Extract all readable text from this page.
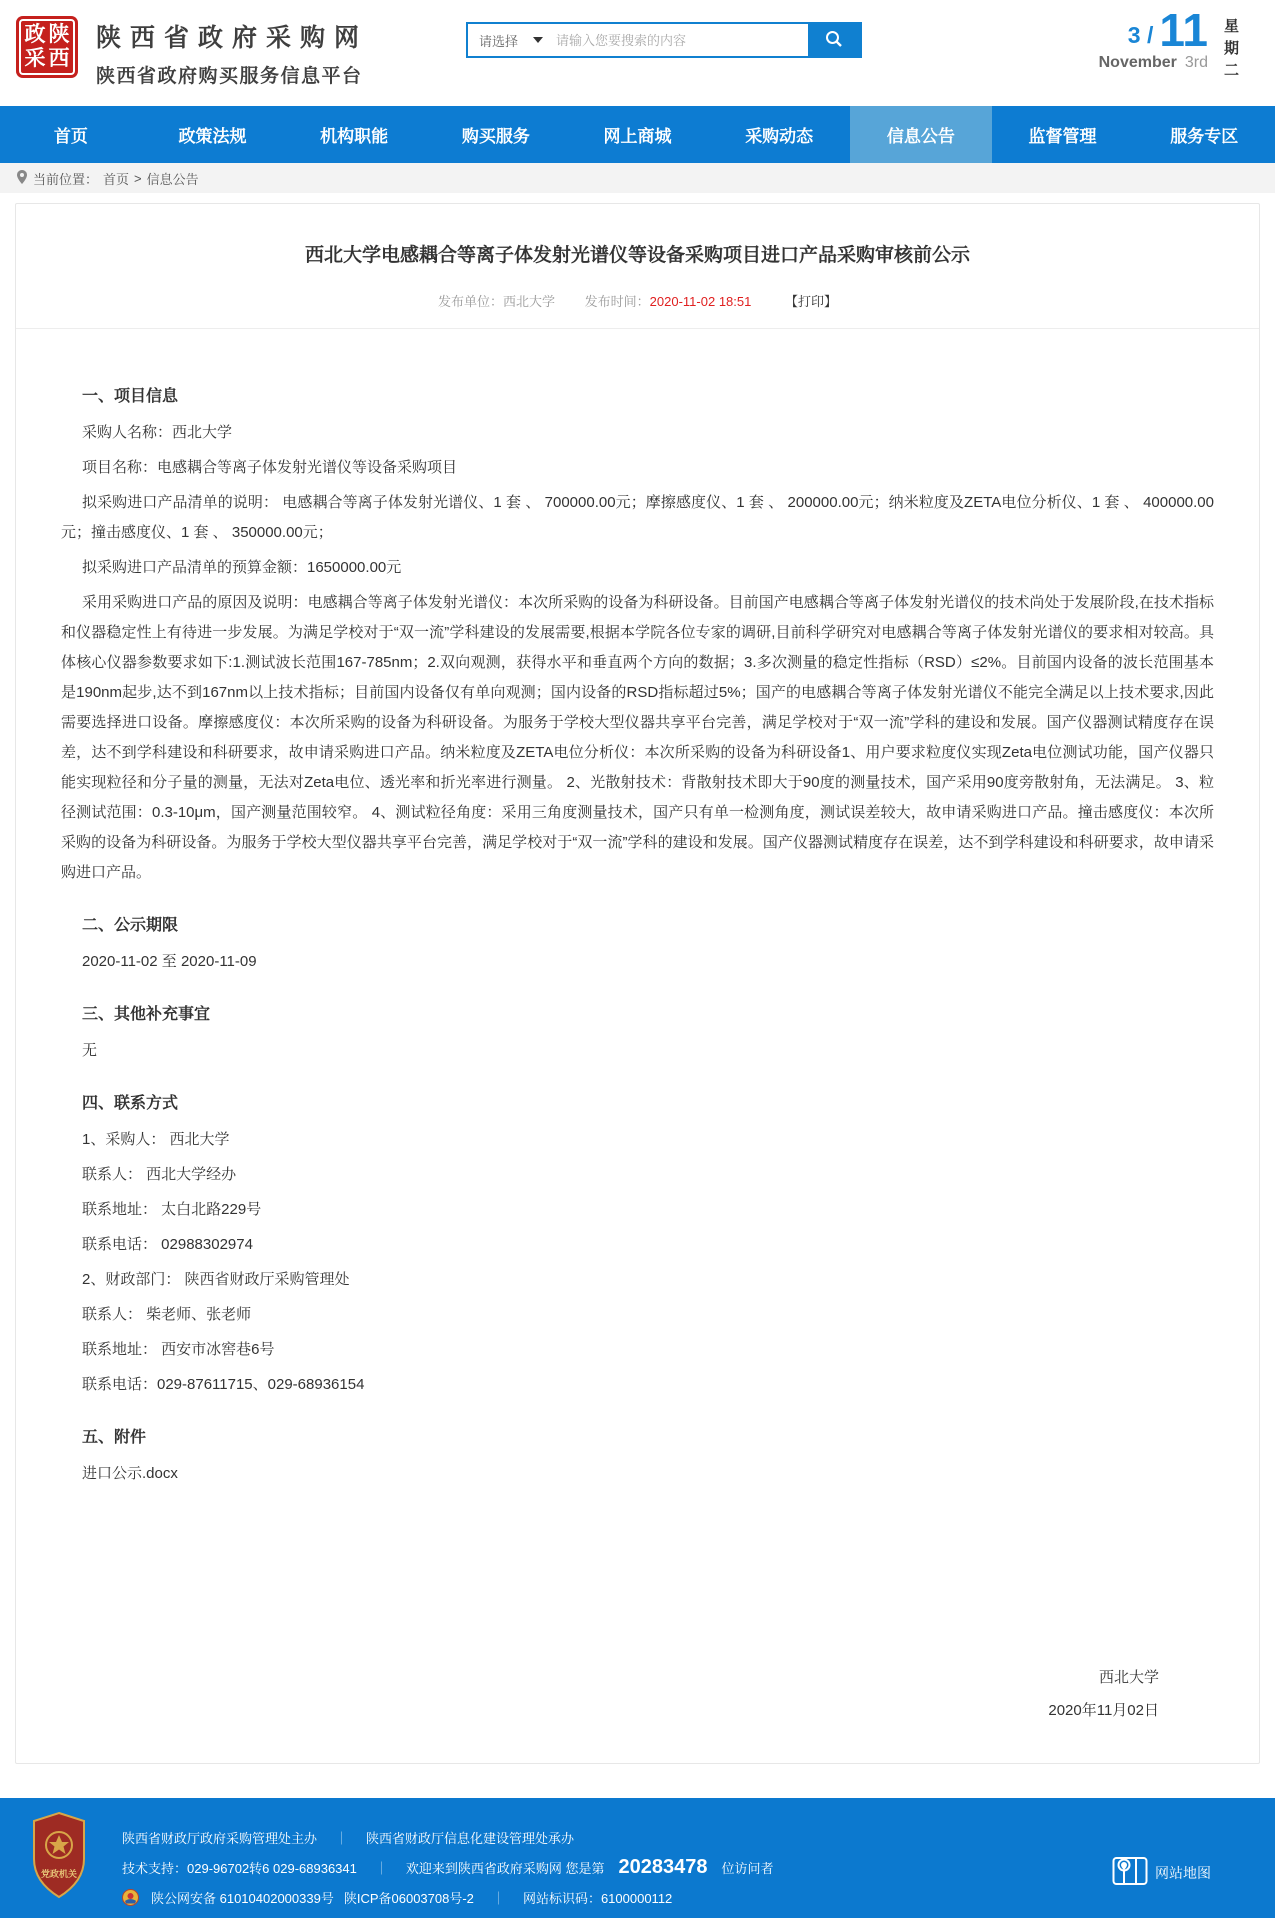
政 陕
采 西
陕西省政府采购网
陕西省政府购买服务信息平台
请选择
请输入您要搜索的内容	3 / 11
November 3rd
星期二
首页	政策法规	机构职能	购买服务	网上商城	采购动态	信息公告	监督管理	服务专区
当前位置： 首页 > 信息公告
西北大学电感耦合等离子体发射光谱仪等设备采购项目进口产品采购审核前公示
发布单位：西北大学 发布时间：2020-11-02 18:51	【打印】
一、项目信息

采购人名称：西北大学

项目名称：电感耦合等离子体发射光谱仪等设备采购项目

拟采购进口产品清单的说明： 电感耦合等离子体发射光谱仪、1 套 、 700000.00元；摩擦感度仪、1 套 、 200000.00元；纳米粒度及ZETA电位分析仪、1 套 、 400000.00元；撞击感度仪、1 套 、 350000.00元；

拟采购进口产品清单的预算金额：1650000.00元

采用采购进口产品的原因及说明：电感耦合等离子体发射光谱仪：本次所采购的设备为科研设备。目前国产电感耦合等离子体发射光谱仪的技术尚处于发展阶段,在技术指标和仪器稳定性上有待进一步发展。为满足学校对于“双一流”学科建设的发展需要,根据本学院各位专家的调研,目前科学研究对电感耦合等离子体发射光谱仪的要求相对较高。具体核心仪器参数要求如下:1.测试波长范围167-785nm；2.双向观测，获得水平和垂直两个方向的数据；3.多次测量的稳定性指标（RSD）≤2%。目前国内设备的波长范围基本是190nm起步,达不到167nm以上技术指标；目前国内设备仅有单向观测；国内设备的RSD指标超过5%；国产的电感耦合等离子体发射光谱仪不能完全满足以上技术要求,因此需要选择进口设备。摩擦感度仪：本次所采购的设备为科研设备。为服务于学校大型仪器共享平台完善，满足学校对于“双一流”学科的建设和发展。国产仪器测试精度存在误差，达不到学科建设和科研要求，故申请采购进口产品。纳米粒度及ZETA电位分析仪：本次所采购的设备为科研设备1、用户要求粒度仪实现Zeta电位测试功能，国产仪器只能实现粒径和分子量的测量，无法对Zeta电位、透光率和折光率进行测量。 2、光散射技术：背散射技术即大于90度的测量技术，国产采用90度旁散射角，无法满足。 3、粒径测试范围：0.3-10μm，国产测量范围较窄。 4、测试粒径角度：采用三角度测量技术，国产只有单一检测角度，测试误差较大，故申请采购进口产品。撞击感度仪：本次所采购的设备为科研设备。为服务于学校大型仪器共享平台完善，满足学校对于“双一流”学科的建设和发展。国产仪器测试精度存在误差，达不到学科建设和科研要求，故申请采购进口产品。

二、公示期限

2020-11-02 至 2020-11-09

三、其他补充事宜

无

四、联系方式

1、采购人： 西北大学

联系人： 西北大学经办

联系地址： 太白北路229号

联系电话： 02988302974

2、财政部门： 陕西省财政厅采购管理处

联系人： 柴老师、张老师

联系地址： 西安市冰窖巷6号

联系电话：029-87611715、029-68936154

五、附件

进口公示.docx

西北大学
2020年11月02日
党政机关
陕西省财政厅政府采购管理处主办	｜	陕西省财政厅信息化建设管理处承办
技术支持：029-96702转6 029-68936341	｜	欢迎来到陕西省政府采购网 您是第 20283478 位访问者
陕公网安备 61010402000339号 陕ICP备06003708号-2	｜	网站标识码：6100000112
网站地图
